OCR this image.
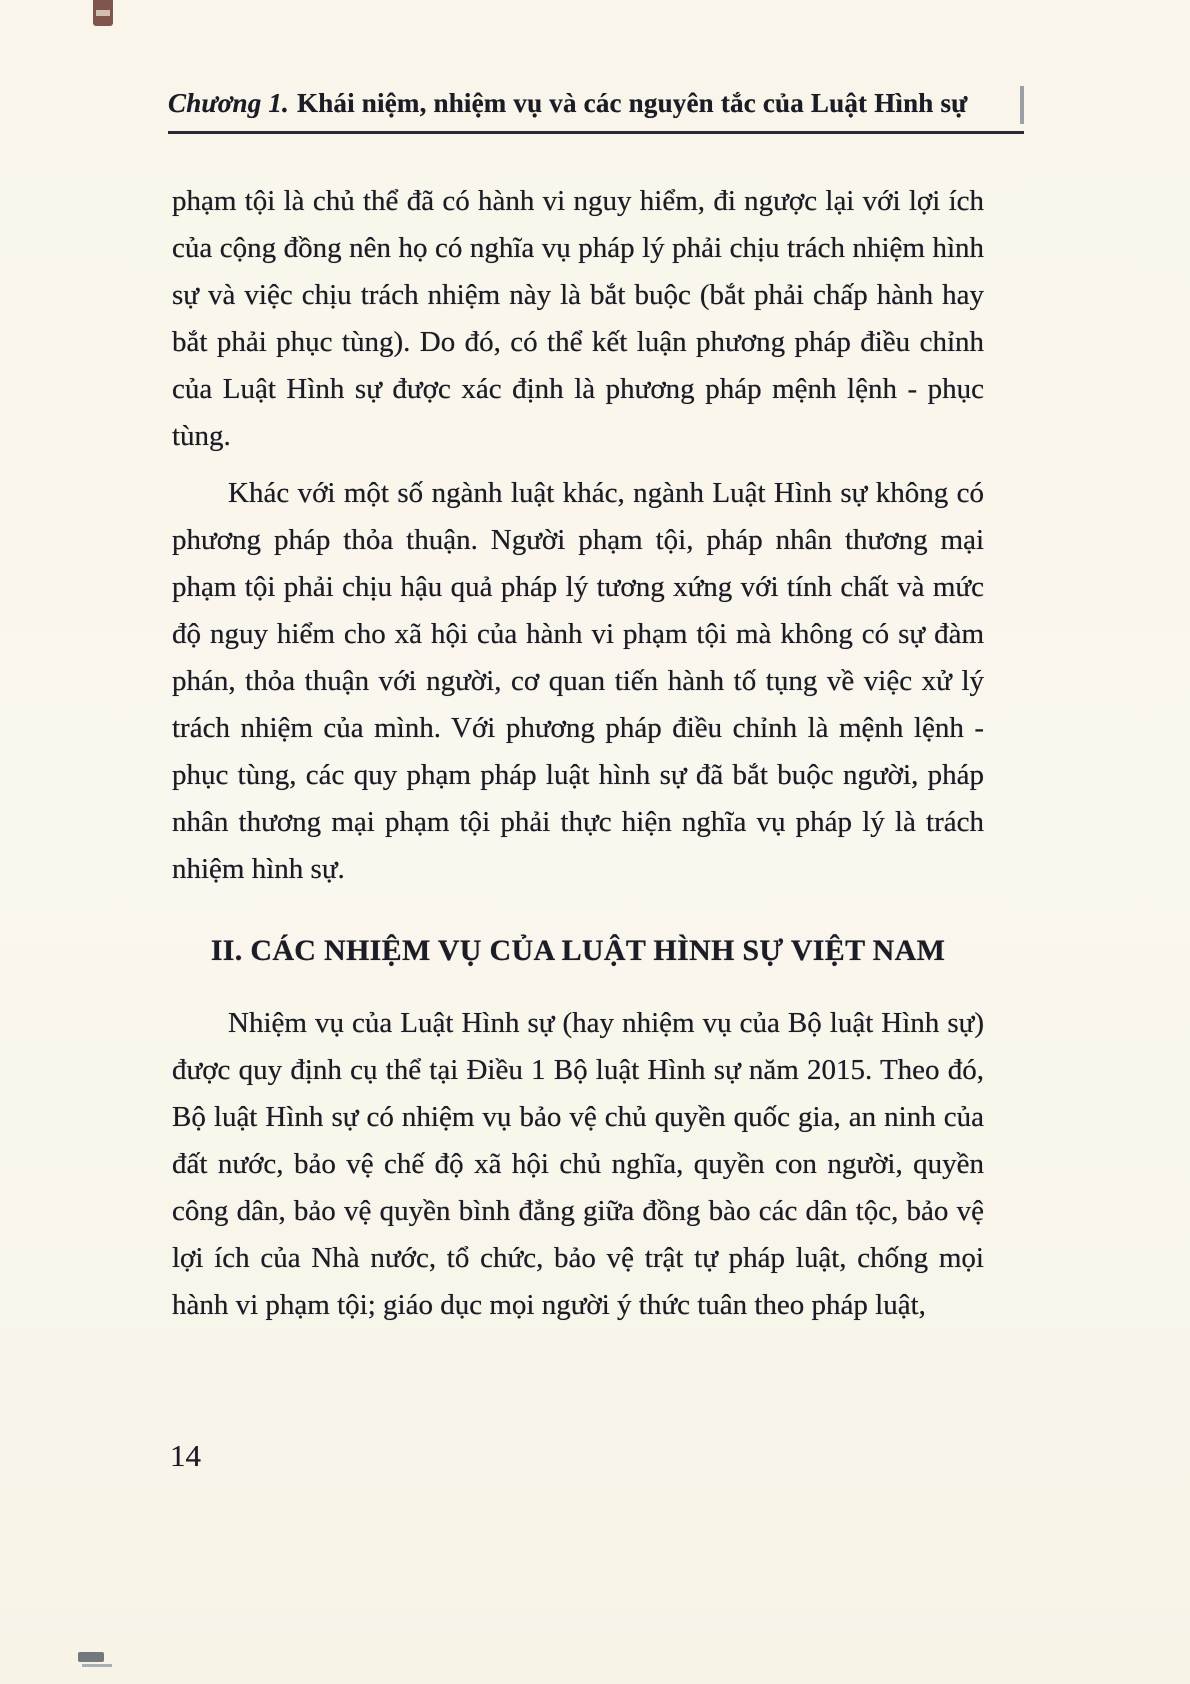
Chương 1. Khái niệm, nhiệm vụ và các nguyên tắc của Luật Hình sự

phạm tội là chủ thể đã có hành vi nguy hiểm, đi ngược lại với lợi ích của cộng đồng nên họ có nghĩa vụ pháp lý phải chịu trách nhiệm hình sự và việc chịu trách nhiệm này là bắt buộc (bắt phải chấp hành hay bắt phải phục tùng). Do đó, có thể kết luận phương pháp điều chỉnh của Luật Hình sự được xác định là phương pháp mệnh lệnh - phục tùng.

Khác với một số ngành luật khác, ngành Luật Hình sự không có phương pháp thỏa thuận. Người phạm tội, pháp nhân thương mại phạm tội phải chịu hậu quả pháp lý tương xứng với tính chất và mức độ nguy hiểm cho xã hội của hành vi phạm tội mà không có sự đàm phán, thỏa thuận với người, cơ quan tiến hành tố tụng về việc xử lý trách nhiệm của mình. Với phương pháp điều chỉnh là mệnh lệnh - phục tùng, các quy phạm pháp luật hình sự đã bắt buộc người, pháp nhân thương mại phạm tội phải thực hiện nghĩa vụ pháp lý là trách nhiệm hình sự.

II. CÁC NHIỆM VỤ CỦA LUẬT HÌNH SỰ VIỆT NAM

Nhiệm vụ của Luật Hình sự (hay nhiệm vụ của Bộ luật Hình sự) được quy định cụ thể tại Điều 1 Bộ luật Hình sự năm 2015. Theo đó, Bộ luật Hình sự có nhiệm vụ bảo vệ chủ quyền quốc gia, an ninh của đất nước, bảo vệ chế độ xã hội chủ nghĩa, quyền con người, quyền công dân, bảo vệ quyền bình đẳng giữa đồng bào các dân tộc, bảo vệ lợi ích của Nhà nước, tổ chức, bảo vệ trật tự pháp luật, chống mọi hành vi phạm tội; giáo dục mọi người ý thức tuân theo pháp luật,

14
